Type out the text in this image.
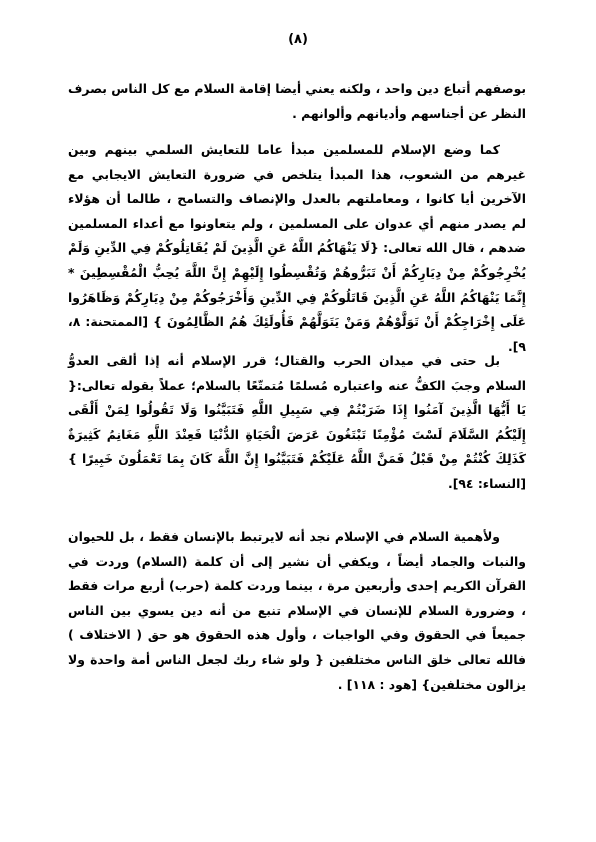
(٨)

بوصفهم أتباع دين واحد ، ولكنه يعني أيضا إقامة السلام مع كل الناس بصرف النظر عن أجناسهم وأديانهم وألوانهم .

كما وضع الإسلام للمسلمين مبدأ عاما للتعايش السلمي بينهم وبين غيرهم من الشعوب، هذا المبدأ يتلخص في ضرورة التعايش الايجابي مع الآخرين أيا كانوا ، ومعاملتهم بالعدل والإنصاف والتسامح ، طالما أن هؤلاء لم يصدر منهم أي عدوان على المسلمين ، ولم يتعاونوا مع أعداء المسلمين ضدهم ، قال الله تعالى: {لَا يَنْهَاكُمُ اللَّهُ عَنِ الَّذِينَ لَمْ يُقَاتِلُوكُمْ فِي الدِّينِ وَلَمْ يُخْرِجُوكُمْ مِنْ دِيَارِكُمْ أَنْ تَبَرُّوهُمْ وَتُقْسِطُوا إِلَيْهِمْ إِنَّ اللَّهَ يُحِبُّ الْمُقْسِطِينَ * إِنَّمَا يَنْهَاكُمُ اللَّهُ عَنِ الَّذِينَ قَاتَلُوكُمْ فِي الدِّينِ وَأَخْرَجُوكُمْ مِنْ دِيَارِكُمْ وَظَاهَرُوا عَلَى إِخْرَاجِكُمْ أَنْ تَوَلَّوْهُمْ وَمَنْ يَتَوَلَّهُمْ فَأُولَئِكَ هُمُ الظَّالِمُونَ } [الممتحنة: ٨، ٩].

بل حتى في ميدان الحرب والقتال؛ قرر الإسلام أنه إذا ألقى العدوُّ السلام وجبَ الكفُّ عنه واعتباره مُسلمًا مُتمتّعًا بالسلام؛ عملاً بقوله تعالى:{ يَا أَيُّهَا الَّذِينَ آمَنُوا إِذَا ضَرَبْتُمْ فِي سَبِيلِ اللَّهِ فَتَبَيَّنُوا وَلَا تَقُولُوا لِمَنْ أَلْقَى إِلَيْكُمُ السَّلَامَ لَسْتَ مُؤْمِنًا تَبْتَغُونَ عَرَضَ الْحَيَاةِ الدُّنْيَا فَعِنْدَ اللَّهِ مَغَانِمُ كَثِيرَةٌ كَذَلِكَ كُنْتُمْ مِنْ قَبْلُ فَمَنَّ اللَّهُ عَلَيْكُمْ فَتَبَيَّنُوا إِنَّ اللَّهَ كَانَ بِمَا تَعْمَلُونَ خَبِيرًا }[النساء: ٩٤].

ولأهمية السلام في الإسلام نجد أنه لايرتبط بالإنسان فقط ، بل للحيوان والنبات والجماد أيضاً ، ويكفي أن نشير إلى أن كلمة (السلام) وردت في القرآن الكريم إحدى وأربعين مرة ، بينما وردت كلمة (حرب) أربع مرات فقط ، وضرورة السلام للإنسان في الإسلام تنبع من أنه دين يسوي بين الناس جميعاً في الحقوق وفي الواجبات ، وأول هذه الحقوق هو حق ( الاختلاف ) فالله تعالى خلق الناس مختلفين { ولو شاء ربك لجعل الناس أمة واحدة ولا يزالون مختلفين} [هود : ١١٨] .
